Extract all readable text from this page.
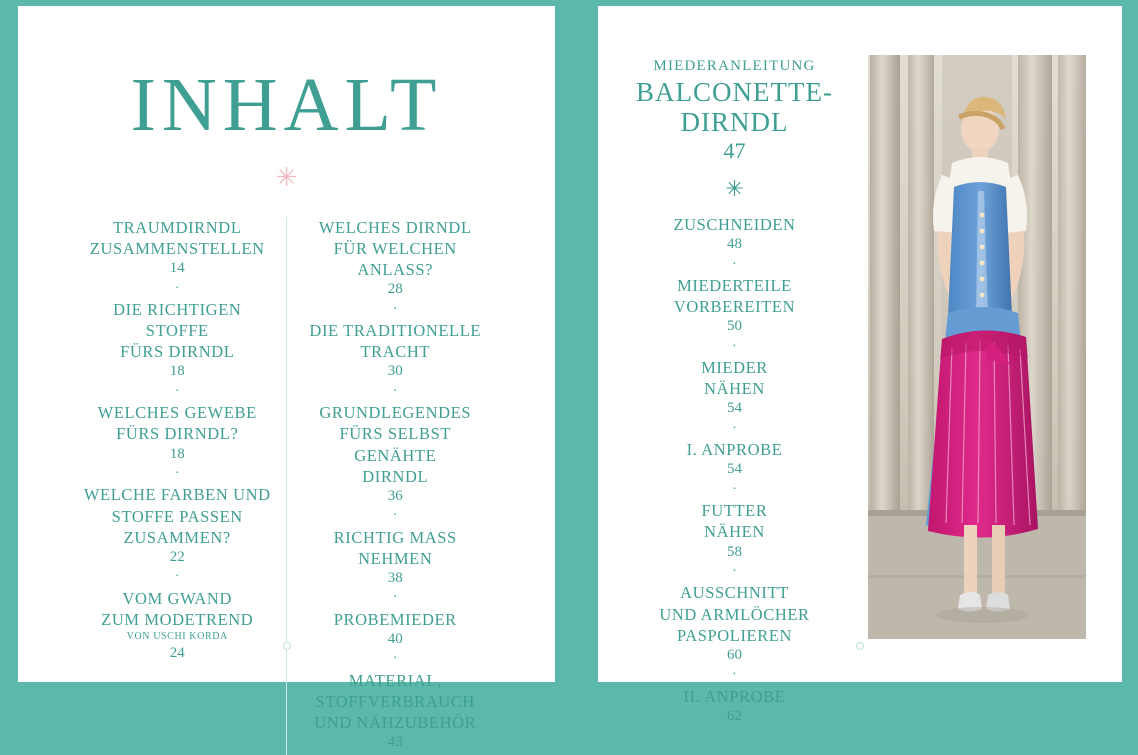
INHALT
✳
TRAUMDIRNDL
ZUSAMMENSTELLEN
14
·
DIE RICHTIGEN STOFFE
FÜRS DIRNDL
18
·
WELCHES GEWEBE
FÜRS DIRNDL?
18
·
WELCHE FARBEN UND
STOFFE PASSEN
ZUSAMMEN?
22
·
VOM GWAND
ZUM MODETREND
VON USCHI KORDA
24
WELCHES DIRNDL
FÜR WELCHEN
ANLASS?
28
·
DIE TRADITIONELLE
TRACHT
30
·
GRUNDLEGENDES
FÜRS SELBST GENÄHTE
DIRNDL
36
·
RICHTIG MASS
NEHMEN
38
·
PROBEMIEDER
40
·
MATERIAL,
STOFFVERBRAUCH
UND NÄHZUBEHÖR
43
MIEDERANLEITUNG
BALCONETTE-
DIRNDL
47
✳
ZUSCHNEIDEN
48
·
MIEDERTEILE
VORBEREITEN
50
·
MIEDER
NÄHEN
54
·
I. ANPROBE
54
·
FUTTER
NÄHEN
58
·
AUSSCHNITT
UND ARMLÖCHER
PASPOLIEREN
60
·
II. ANPROBE
62
